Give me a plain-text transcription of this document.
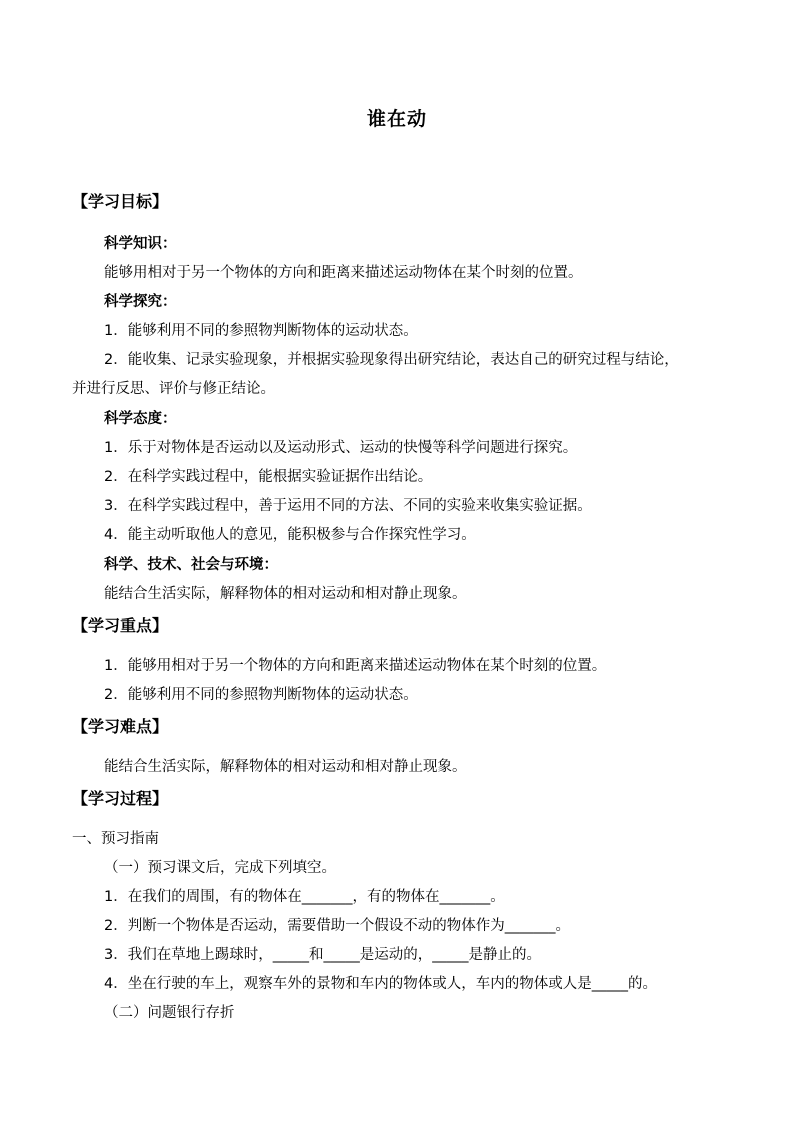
谁在动
【学习目标】
科学知识：
能够用相对于另一个物体的方向和距离来描述运动物体在某个时刻的位置。
科学探究：
1．能够利用不同的参照物判断物体的运动状态。
2．能收集、记录实验现象，并根据实验现象得出研究结论，表达自己的研究过程与结论，
并进行反思、评价与修正结论。
科学态度：
1．乐于对物体是否运动以及运动形式、运动的快慢等科学问题进行探究。
2．在科学实践过程中，能根据实验证据作出结论。
3．在科学实践过程中，善于运用不同的方法、不同的实验来收集实验证据。
4．能主动听取他人的意见，能积极参与合作探究性学习。
科学、技术、社会与环境：
能结合生活实际，解释物体的相对运动和相对静止现象。
【学习重点】
1．能够用相对于另一个物体的方向和距离来描述运动物体在某个时刻的位置。
2．能够利用不同的参照物判断物体的运动状态。
【学习难点】
能结合生活实际，解释物体的相对运动和相对静止现象。
【学习过程】
一、预习指南
（一）预习课文后，完成下列填空。
1．在我们的周围，有的物体在_______，有的物体在_______。
2．判断一个物体是否运动，需要借助一个假设不动的物体作为_______。
3．我们在草地上踢球时，_____和_____是运动的，_____是静止的。
4．坐在行驶的车上，观察车外的景物和车内的物体或人，车内的物体或人是_____的。
（二）问题银行存折
